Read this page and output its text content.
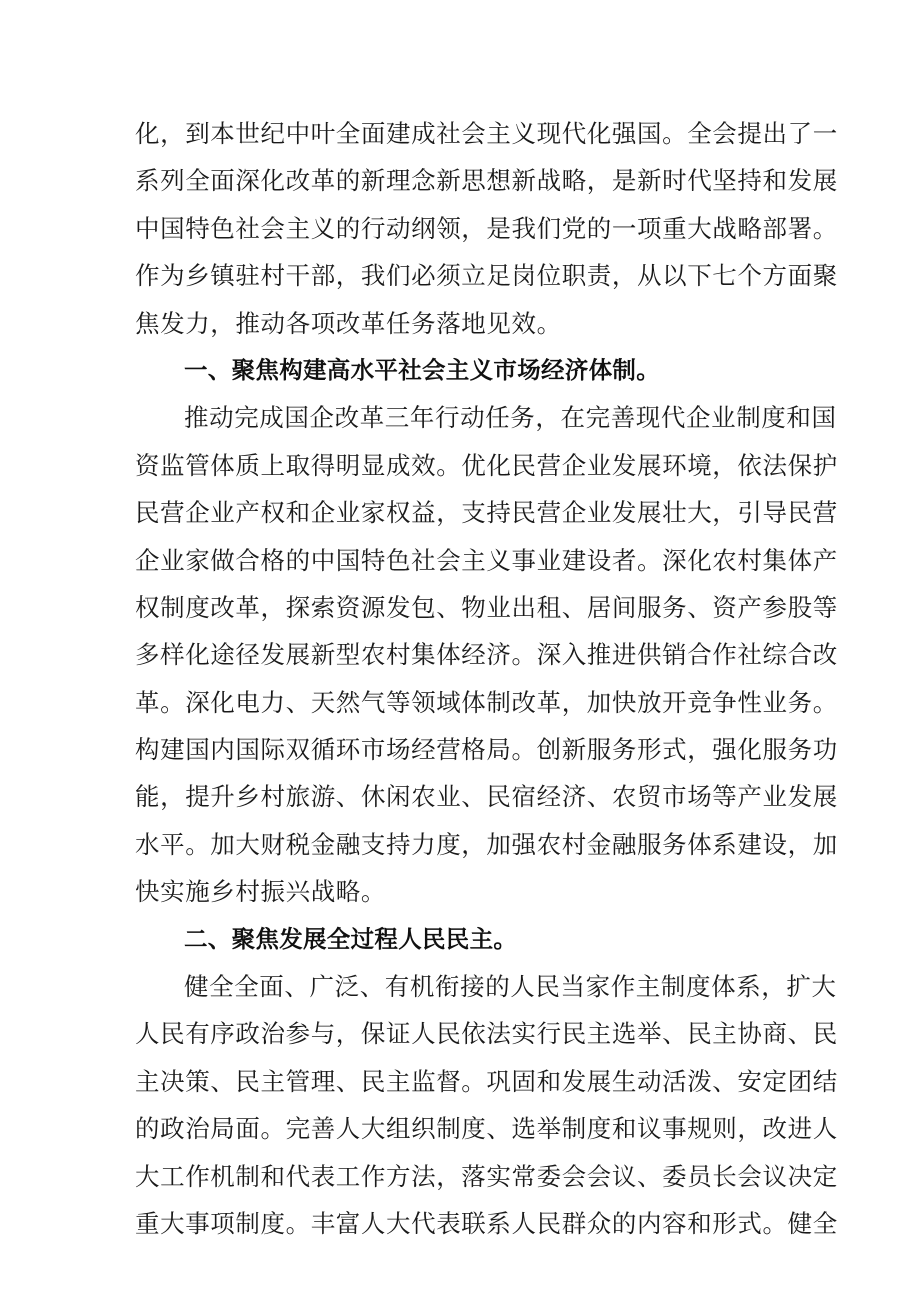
化，到本世纪中叶全面建成社会主义现代化强国。全会提出了一
系列全面深化改革的新理念新思想新战略，是新时代坚持和发展
中国特色社会主义的行动纲领，是我们党的一项重大战略部署。
作为乡镇驻村干部，我们必须立足岗位职责，从以下七个方面聚
焦发力，推动各项改革任务落地见效。
一、聚焦构建高水平社会主义市场经济体制。
推动完成国企改革三年行动任务，在完善现代企业制度和国
资监管体质上取得明显成效。优化民营企业发展环境，依法保护
民营企业产权和企业家权益，支持民营企业发展壮大，引导民营
企业家做合格的中国特色社会主义事业建设者。深化农村集体产
权制度改革，探索资源发包、物业出租、居间服务、资产参股等
多样化途径发展新型农村集体经济。深入推进供销合作社综合改
革。深化电力、天然气等领域体制改革，加快放开竞争性业务。
构建国内国际双循环市场经营格局。创新服务形式，强化服务功
能，提升乡村旅游、休闲农业、民宿经济、农贸市场等产业发展
水平。加大财税金融支持力度，加强农村金融服务体系建设，加
快实施乡村振兴战略。
二、聚焦发展全过程人民民主。
健全全面、广泛、有机衔接的人民当家作主制度体系，扩大
人民有序政治参与，保证人民依法实行民主选举、民主协商、民
主决策、民主管理、民主监督。巩固和发展生动活泼、安定团结
的政治局面。完善人大组织制度、选举制度和议事规则，改进人
大工作机制和代表工作方法，落实常委会会议、委员长会议决定
重大事项制度。丰富人大代表联系人民群众的内容和形式。健全
